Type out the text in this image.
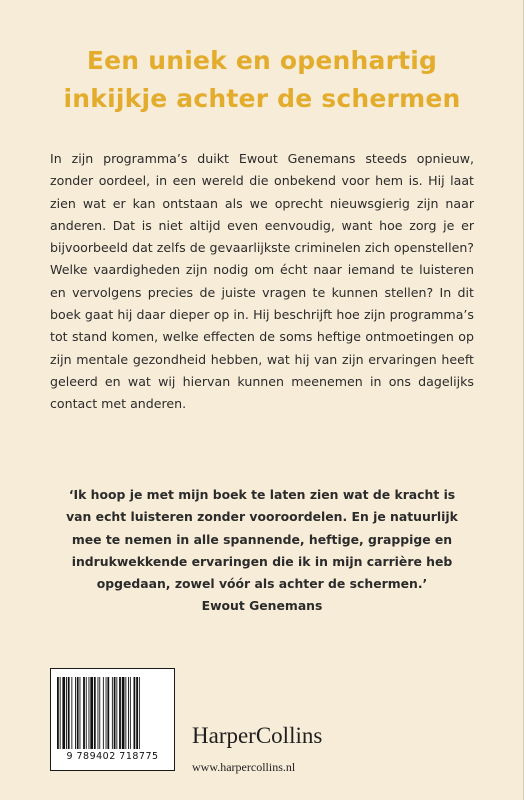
Een uniek en openhartig
inkijkje achter de schermen
In zijn programma’s duikt Ewout Genemans steeds opnieuw, zonder oordeel, in een wereld die onbekend voor hem is. Hij laat zien wat er kan ontstaan als we oprecht nieuwsgierig zijn naar anderen. Dat is niet altijd even eenvoudig, want hoe zorg je er bijvoorbeeld dat zelfs de gevaarlijkste criminelen zich openstellen? Welke vaardigheden zijn nodig om écht naar iemand te luisteren en vervolgens precies de juiste vragen te kunnen stellen? In dit boek gaat hij daar dieper op in. Hij beschrijft hoe zijn programma’s tot stand komen, welke effecten de soms heftige ontmoetingen op zijn mentale gezondheid hebben, wat hij van zijn ervaringen heeft geleerd en wat wij hiervan kunnen meenemen in ons dagelijks contact met anderen.
‘Ik hoop je met mijn boek te laten zien wat de kracht is
van echt luisteren zonder vooroordelen. En je natuurlijk
mee te nemen in alle spannende, heftige, grappige en
indrukwekkende ervaringen die ik in mijn carrière heb
opgedaan, zowel vóór als achter de schermen.’
Ewout Genemans
9 789402 718775
HarperCollins
www.harpercollins.nl
